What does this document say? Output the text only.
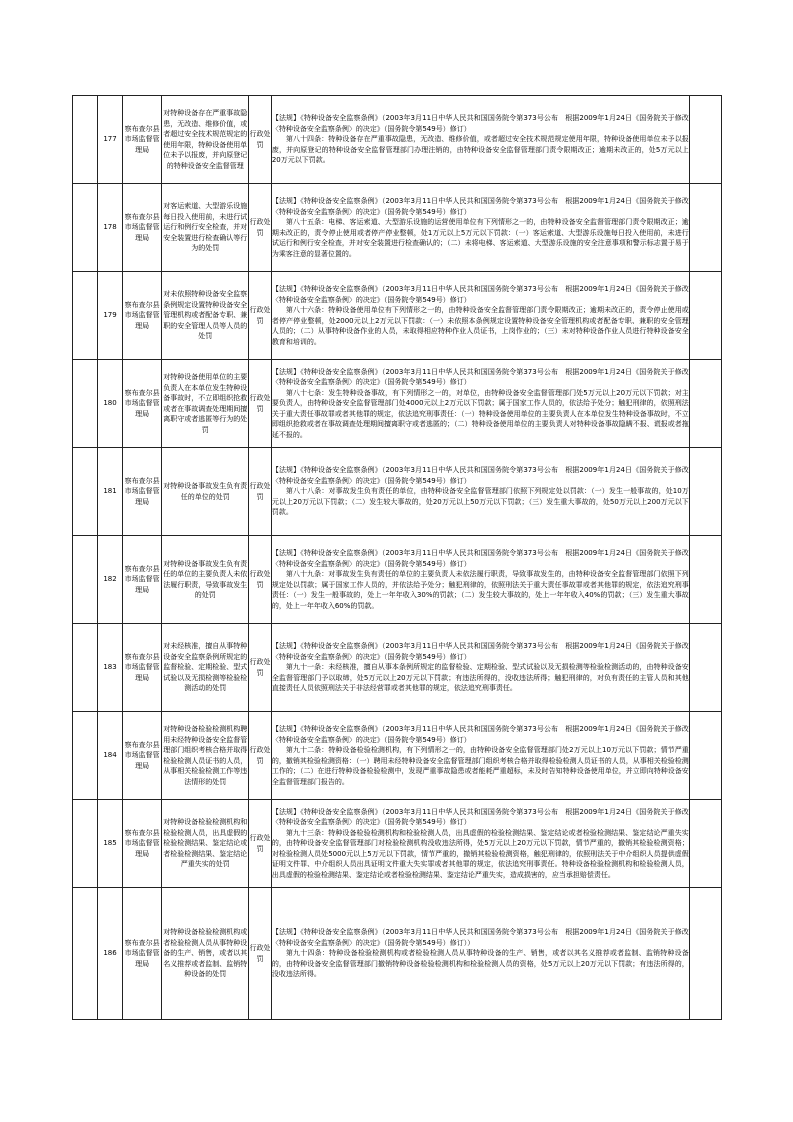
	177	察布查尔县市场监督管理局	对特种设备存在严重事故隐患，无改造、维修价值，或者超过安全技术规范规定的使用年限，特种设备使用单位未予以报废，并向原登记的特种设备安全监督管理	行政处罚	【法规】《特种设备安全监察条例》（2003年3月11日中华人民共和国国务院令第373号公布　根据2009年1月24日《国务院关于修改〈特种设备安全监察条例〉的决定》（国务院令第549号）修订）
第八十四条：特种设备存在严重事故隐患，无改造、维修价值，或者超过安全技术规范规定使用年限，特种设备使用单位未予以报废，并向原登记的特种设备安全监督管理部门办理注销的，由特种设备安全监督管理部门责令限期改正；逾期未改正的，处5万元以上20万元以下罚款。	

	178	察布查尔县市场监督管理局	对客运索道、大型游乐设施每日投入使用前，未进行试运行和例行安全检查，并对安全装置进行检查确认等行为的处罚	行政处罚	【法规】《特种设备安全监察条例》（2003年3月11日中华人民共和国国务院令第373号公布　根据2009年1月24日《国务院关于修改〈特种设备安全监察条例〉的决定》（国务院令第549号）修订）
第八十五条：电梯、客运索道、大型游乐设施的运营使用单位有下列情形之一的，由特种设备安全监督管理部门责令限期改正；逾期未改正的，责令停止使用或者停产停业整顿，处1万元以上5万元以下罚款：（一）客运索道、大型游乐设施每日投入使用前，未进行试运行和例行安全检查，并对安全装置进行检查确认的；（二）未将电梯、客运索道、大型游乐设施的安全注意事项和警示标志置于易于为乘客注意的显著位置的。	

	179	察布查尔县市场监督管理局	对未依照特种设备安全监察条例规定设置特种设备安全管理机构或者配备专职、兼职的安全管理人员等人员的处罚	行政处罚	【法规】《特种设备安全监察条例》（2003年3月11日中华人民共和国国务院令第373号公布　根据2009年1月24日《国务院关于修改〈特种设备安全监察条例〉的决定》（国务院令第549号）修订）
第八十六条：特种设备使用单位有下列情形之一的，由特种设备安全监督管理部门责令限期改正；逾期未改正的，责令停止使用或者停产停业整顿，处2000元以上2万元以下罚款：（一）未依照本条例规定设置特种设备安全管理机构或者配备专职、兼职的安全管理人员的；（二）从事特种设备作业的人员，未取得相应特种作业人员证书，上岗作业的；（三）未对特种设备作业人员进行特种设备安全教育和培训的。	

	180	察布查尔县市场监督管理局	对特种设备使用单位的主要负责人在本单位发生特种设备事故时，不立即组织抢救或者在事故调查处理期间擅离职守或者逃匿等行为的处罚	行政处罚	【法规】《特种设备安全监察条例》（2003年3月11日中华人民共和国国务院令第373号公布　根据2009年1月24日《国务院关于修改〈特种设备安全监察条例〉的决定》（国务院令第549号）修订）
第八十七条：发生特种设备事故，有下列情形之一的，对单位，由特种设备安全监督管理部门处5万元以上20万元以下罚款；对主要负责人，由特种设备安全监督管理部门处4000元以上2万元以下罚款；属于国家工作人员的，依法给予处分；触犯刑律的，依照刑法关于重大责任事故罪或者其他罪的规定，依法追究刑事责任：（一）特种设备使用单位的主要负责人在本单位发生特种设备事故时，不立即组织抢救或者在事故调查处理期间擅离职守或者逃匿的；（二）特种设备使用单位的主要负责人对特种设备事故隐瞒不报、谎报或者拖延不报的。	

	181	察布查尔县市场监督管理局	对特种设备事故发生负有责任的单位的处罚	行政处罚	【法规】《特种设备安全监察条例》（2003年3月11日中华人民共和国国务院令第373号公布　根据2009年1月24日《国务院关于修改〈特种设备安全监察条例〉的决定》（国务院令第549号）修订）
第八十八条：对事故发生负有责任的单位，由特种设备安全监督管理部门依照下列规定处以罚款：（一）发生一般事故的，处10万元以上20万元以下罚款；（二）发生较大事故的，处20万元以上50万元以下罚款；（三）发生重大事故的，处50万元以上200万元以下罚款。	

	182	察布查尔县市场监督管理局	对特种设备事故发生负有责任的单位的主要负责人未依法履行职责，导致事故发生的处罚	行政处罚	【法规】《特种设备安全监察条例》（2003年3月11日中华人民共和国国务院令第373号公布　根据2009年1月24日《国务院关于修改〈特种设备安全监察条例〉的决定》（国务院令第549号）修订）
第八十九条：对事故发生负有责任的单位的主要负责人未依法履行职责，导致事故发生的，由特种设备安全监督管理部门依照下列规定处以罚款；属于国家工作人员的，并依法给予处分；触犯刑律的，依照刑法关于重大责任事故罪或者其他罪的规定，依法追究刑事责任：（一）发生一般事故的，处上一年年收入30%的罚款；（二）发生较大事故的，处上一年年收入40%的罚款；（三）发生重大事故的，处上一年年收入60%的罚款。	

	183	察布查尔县市场监督管理局	对未经核准，擅自从事特种设备安全监察条例所规定的监督检验、定期检验、型式试验以及无损检测等检验检测活动的处罚	行政处罚	【法规】《特种设备安全监察条例》（2003年3月11日中华人民共和国国务院令第373号公布　根据2009年1月24日《国务院关于修改〈特种设备安全监察条例〉的决定》（国务院令第549号）修订）
第九十一条：未经核准，擅自从事本条例所规定的监督检验、定期检验、型式试验以及无损检测等检验检测活动的，由特种设备安全监督管理部门予以取缔，处5万元以上20万元以下罚款；有违法所得的，没收违法所得；触犯刑律的，对负有责任的主管人员和其他直接责任人员依照刑法关于非法经营罪或者其他罪的规定，依法追究刑事责任。	

	184	察布查尔县市场监督管理局	对特种设备检验检测机构聘用未经特种设备安全监督管理部门组织考核合格并取得检验检测人员证书的人员，从事相关检验检测工作等违法情形的处罚	行政处罚	【法规】《特种设备安全监察条例》（2003年3月11日中华人民共和国国务院令第373号公布　根据2009年1月24日《国务院关于修改〈特种设备安全监察条例〉的决定》（国务院令第549号）修订）
第九十二条：特种设备检验检测机构，有下列情形之一的，由特种设备安全监督管理部门处2万元以上10万元以下罚款；情节严重的，撤销其检验检测资格：（一）聘用未经特种设备安全监督管理部门组织考核合格并取得检验检测人员证书的人员，从事相关检验检测工作的；（二）在进行特种设备检验检测中，发现严重事故隐患或者能耗严重超标，未及时告知特种设备使用单位，并立即向特种设备安全监督管理部门报告的。	

	185	察布查尔县市场监督管理局	对特种设备检验检测机构和检验检测人员，出具虚假的检验检测结果、鉴定结论或者检验检测结果、鉴定结论严重失实的处罚	行政处罚	【法规】《特种设备安全监察条例》（2003年3月11日中华人民共和国国务院令第373号公布　根据2009年1月24日《国务院关于修改〈特种设备安全监察条例〉的决定》（国务院令第549号）修订）
第九十三条：特种设备检验检测机构和检验检测人员，出具虚假的检验检测结果、鉴定结论或者检验检测结果、鉴定结论严重失实的，由特种设备安全监督管理部门对检验检测机构没收违法所得，处5万元以上20万元以下罚款，情节严重的，撤销其检验检测资格；对检验检测人员处5000元以上5万元以下罚款，情节严重的，撤销其检验检测资格，触犯刑律的，依照刑法关于中介组织人员提供虚假证明文件罪、中介组织人员出具证明文件重大失实罪或者其他罪的规定，依法追究刑事责任。特种设备检验检测机构和检验检测人员，出具虚假的检验检测结果、鉴定结论或者检验检测结果、鉴定结论严重失实，造成损害的，应当承担赔偿责任。	

	186	察布查尔县市场监督管理局	对特种设备检验检测机构或者检验检测人员从事特种设备的生产、销售，或者以其名义推荐或者监制、监销特种设备的处罚	行政处罚	【法规】《特种设备安全监察条例》（2003年3月11日中华人民共和国国务院令第373号公布　根据2009年1月24日《国务院关于修改〈特种设备安全监察条例〉的决定》（国务院令第549号）修订））
第九十四条：特种设备检验检测机构或者检验检测人员从事特种设备的生产、销售，或者以其名义推荐或者监制、监销特种设备的，由特种设备安全监督管理部门撤销特种设备检验检测机构和检验检测人员的资格，处5万元以上20万元以下罚款；有违法所得的，没收违法所得。	
